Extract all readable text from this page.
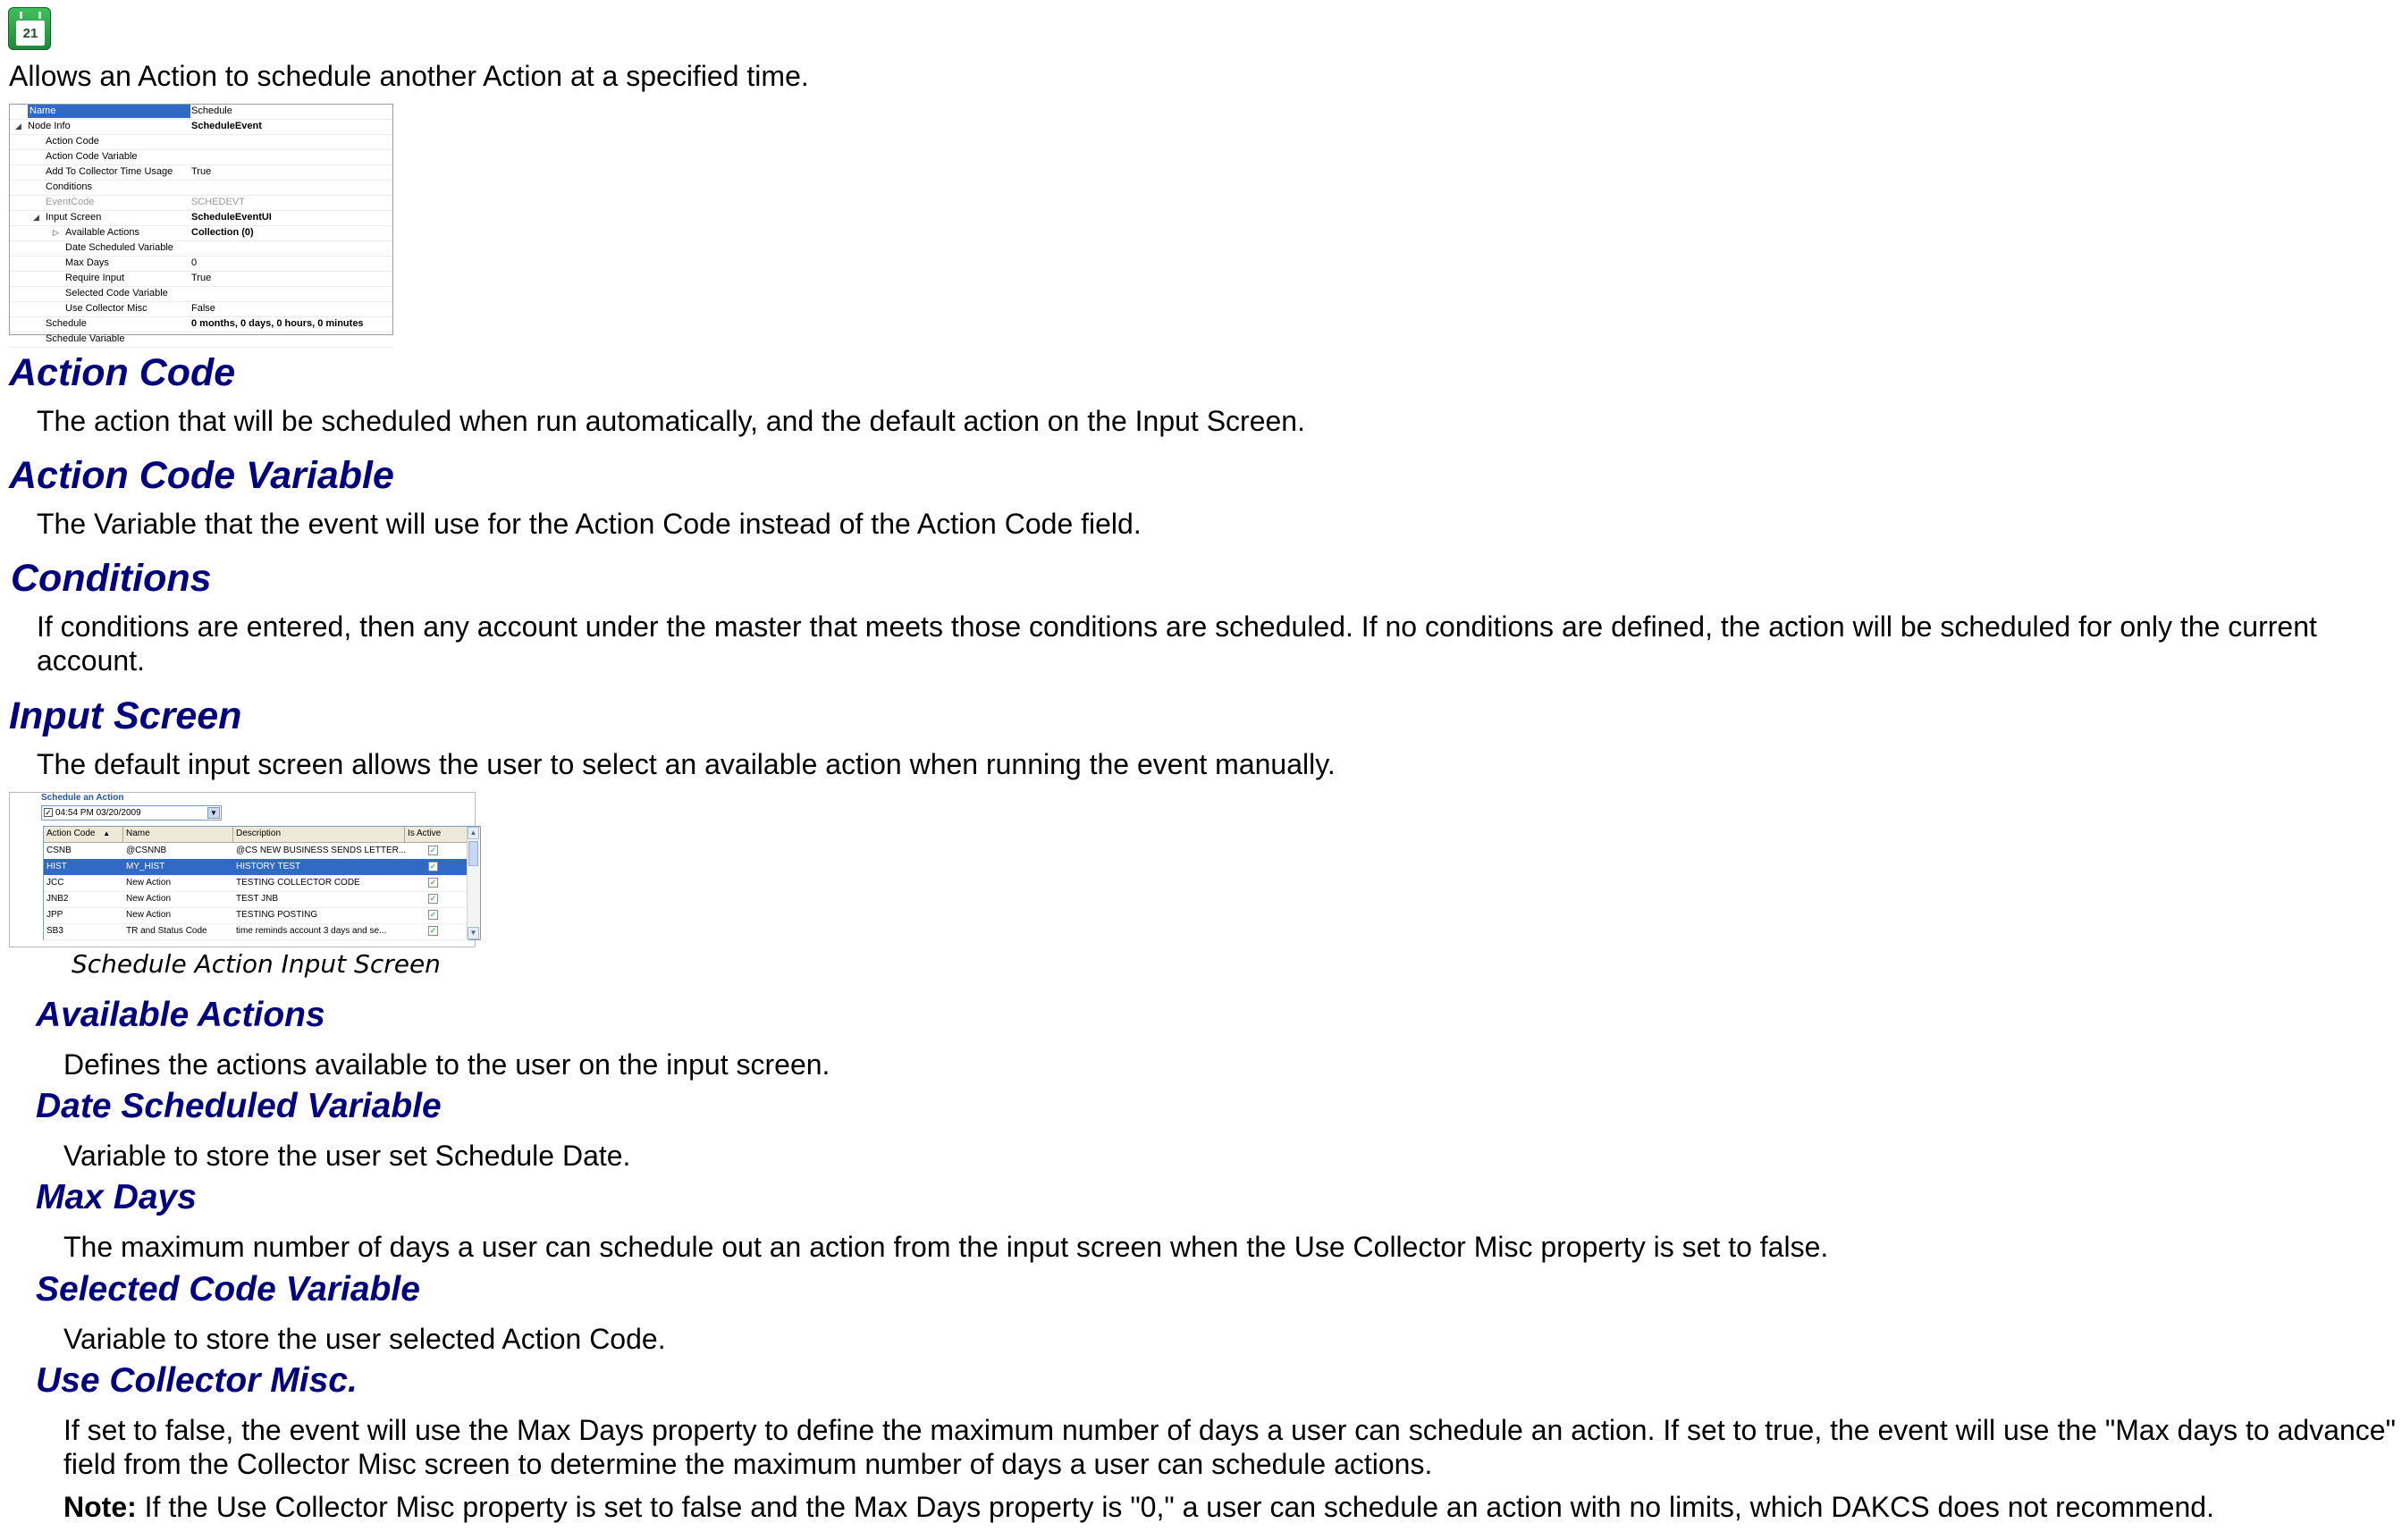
21
Allows an Action to schedule another Action at a specified time.
Name	Schedule
◢ Node Info	ScheduleEvent
Action Code
Action Code Variable
Add To Collector Time Usage True
Conditions
EventCode	SCHEDEVT
◢ Input Screen	ScheduleEventUI
▷ Available Actions	Collection (0)
Date Scheduled Variable
Max Days	0
Require Input	True
Selected Code Variable
Use Collector Misc	False
Schedule	0 months, 0 days, 0 hours, 0 minutes
Schedule Variable
Action Code
The action that will be scheduled when run automatically, and the default action on the Input Screen.
Action Code Variable
The Variable that the event will use for the Action Code instead of the Action Code field.
Conditions
If conditions are entered, then any account under the master that meets those conditions are scheduled. If no conditions are defined, the action will be scheduled for only the current account.
Input Screen
The default input screen allows the user to select an available action when running the event manually.
Schedule an Action
✓ 04:54 PM 03/20/2009	▼
Action Code ▲	Name	Description	Is Active
CSNB	@CSNNB	@CS NEW BUSINESS SENDS LETTER...	✓
HIST	MY_HIST	HISTORY TEST	✓
JCC	New Action	TESTING COLLECTOR CODE	✓
JNB2	New Action	TEST JNB	✓
JPP	New Action	TESTING POSTING	✓
SB3	TR and Status Code	time reminds account 3 days and se...	✓
▲
▼
Schedule Action Input Screen
Available Actions
Defines the actions available to the user on the input screen.
Date Scheduled Variable
Variable to store the user set Schedule Date.
Max Days
The maximum number of days a user can schedule out an action from the input screen when the Use Collector Misc property is set to false.
Selected Code Variable
Variable to store the user selected Action Code.
Use Collector Misc.
If set to false, the event will use the Max Days property to define the maximum number of days a user can schedule an action. If set to true, the event will use the "Max days to advance" field from the Collector Misc screen to determine the maximum number of days a user can schedule actions.
Note: If the Use Collector Misc property is set to false and the Max Days property is "0," a user can schedule an action with no limits, which DAKCS does not recommend.
